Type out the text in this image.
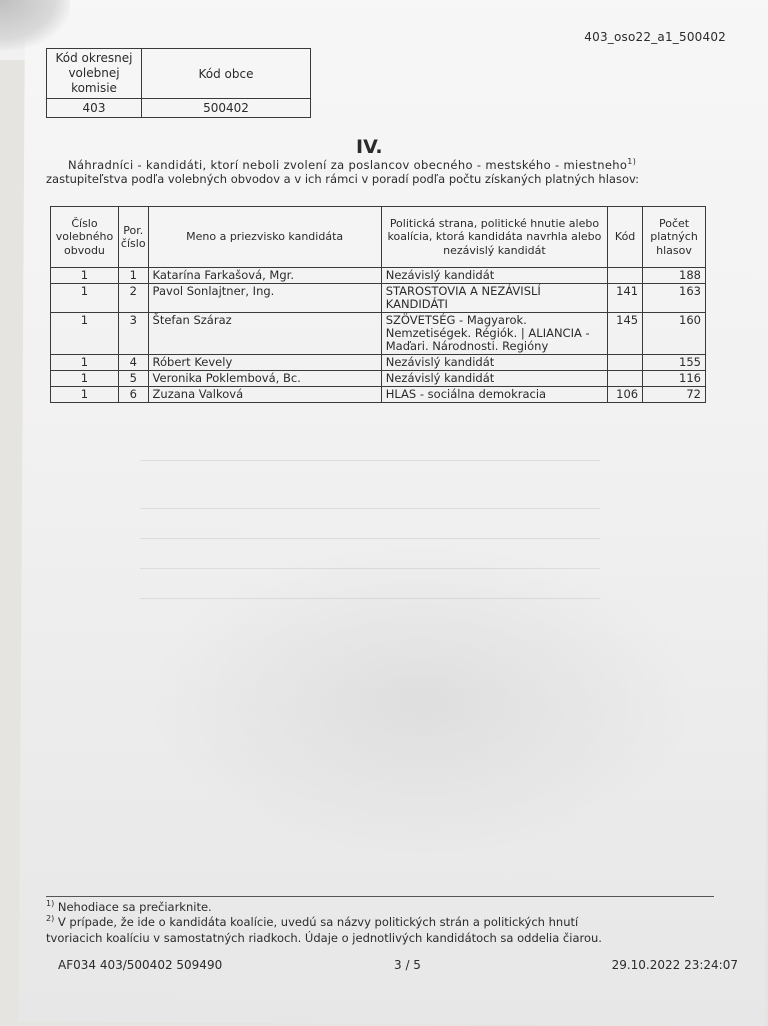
403_oso22_a1_500402
Kód okresnej volebnej komisie	Kód obce
403	500402
IV.
Náhradníci - kandidáti, ktorí neboli zvolení za poslancov obecného - mestského - miestneho$^{1)}$
zastupiteľstva podľa volebných obvodov a v ich rámci v poradí podľa počtu získaných platných hlasov:
Číslo volebného obvodu	Por. číslo	Meno a priezvisko kandidáta	Politická strana, politické hnutie alebo koalícia, ktorá kandidáta navrhla alebo nezávislý kandidát	Kód	Počet platných hlasov
1	1	Katarína Farkašová, Mgr.	Nezávislý kandidát		188
1	2	Pavol Sonlajtner, Ing.	STAROSTOVIA A NEZÁVISLÍ KANDIDÁTI	141	163
1	3	Štefan Száraz	SZÖVETSÉG - Magyarok. Nemzetiségek. Régiók. | ALIANCIA - Maďari. Národnosti. Regióny	145	160
1	4	Róbert Kevely	Nezávislý kandidát		155
1	5	Veronika Poklembová, Bc.	Nezávislý kandidát		116
1	6	Zuzana Valková	HLAS - sociálna demokracia	106	72
$^{1)}$ Nehodiace sa prečiarknite.
$^{2)}$ V prípade, že ide o kandidáta koalície, uvedú sa názvy politických strán a politických hnutí
tvoriacich koalíciu v samostatných riadkoch. Údaje o jednotlivých kandidátoch sa oddelia čiarou.
AF034 403/500402 509490	3 / 5	29.10.2022 23:24:07
